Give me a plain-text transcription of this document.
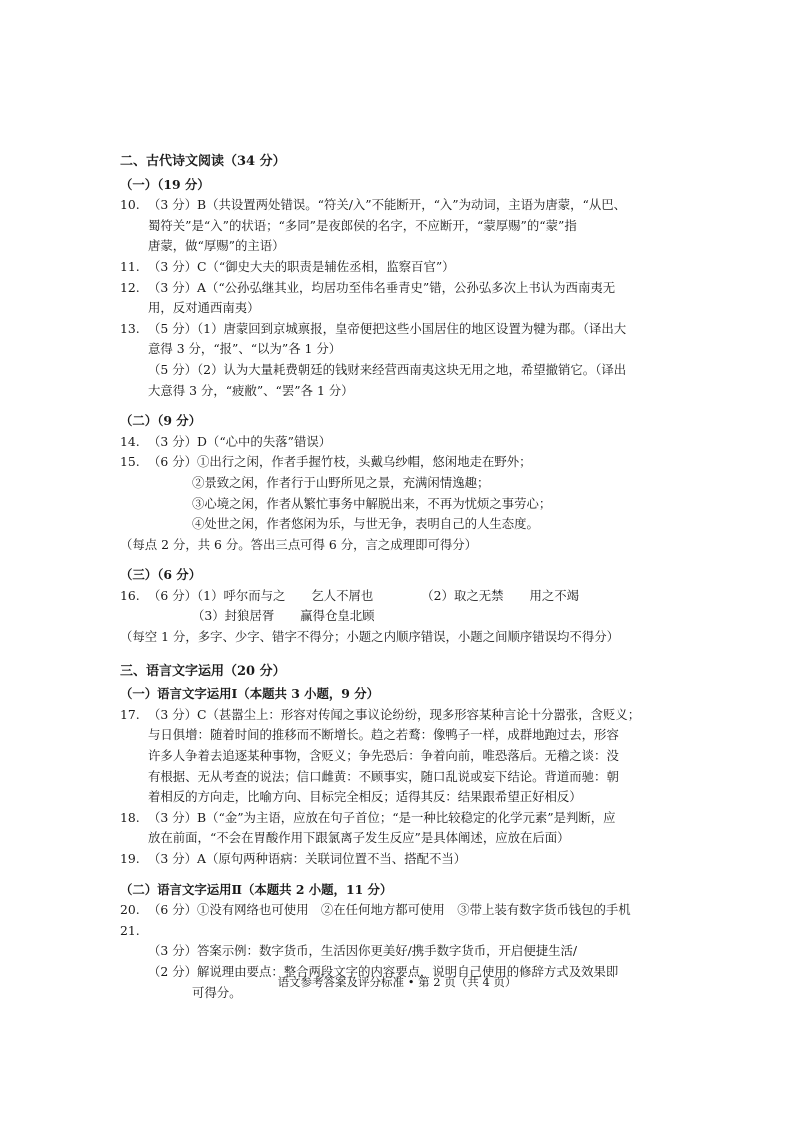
二、古代诗文阅读（34 分）
（一）（19 分）
10. （3 分）B（共设置两处错误。“符关/入”不能断开，“入”为动词，主语为唐蒙，“从巴、
蜀符关”是“入”的状语；“多同”是夜郎侯的名字，不应断开，“蒙厚赐”的“蒙”指
唐蒙，做“厚赐”的主语）
11. （3 分）C（“御史大夫的职责是辅佐丞相，监察百官”）
12. （3 分）A（“公孙弘继其业，均居功至伟名垂青史”错，公孙弘多次上书认为西南夷无
用，反对通西南夷）
13. （5 分）（1）唐蒙回到京城禀报，皇帝便把这些小国居住的地区设置为犍为郡。（译出大
意得 3 分，“报”、“以为”各 1 分）
（5 分）（2）认为大量耗费朝廷的钱财来经营西南夷这块无用之地，希望撤销它。（译出
大意得 3 分，“疲敝”、“罢”各 1 分）
（二）（9 分）
14. （3 分）D（“心中的失落”错误）
15. （6 分）①出行之闲，作者手握竹枝，头戴乌纱帽，悠闲地走在野外；
②景致之闲，作者行于山野所见之景，充满闲情逸趣；
③心境之闲，作者从繁忙事务中解脱出来，不再为忧烦之事劳心；
④处世之闲，作者悠闲为乐，与世无争，表明自己的人生态度。
（每点 2 分，共 6 分。答出三点可得 6 分，言之成理即可得分）
（三）（6 分）
16. （6 分）（1）呼尔而与之 乞人不屑也	（2）取之无禁 用之不竭
（3）封狼居胥 赢得仓皇北顾
（每空 1 分，多字、少字、错字不得分；小题之内顺序错误，小题之间顺序错误均不得分）
三、语言文字运用（20 分）
（一）语言文字运用Ⅰ（本题共 3 小题，9 分）
17. （3 分）C（甚嚣尘上：形容对传闻之事议论纷纷，现多形容某种言论十分嚣张，含贬义；
与日俱增：随着时间的推移而不断增长。趋之若鹜：像鸭子一样，成群地跑过去，形容
许多人争着去追逐某种事物，含贬义；争先恐后：争着向前，唯恐落后。无稽之谈：没
有根据、无从考查的说法；信口雌黄：不顾事实，随口乱说或妄下结论。背道而驰：朝
着相反的方向走，比喻方向、目标完全相反；适得其反：结果跟希望正好相反）
18. （3 分）B（“金”为主语，应放在句子首位；“是一种比较稳定的化学元素”是判断，应
放在前面，“不会在胃酸作用下跟氯离子发生反应”是具体阐述，应放在后面）
19. （3 分）A（原句两种语病：关联词位置不当、搭配不当）
（二）语言文字运用Ⅱ（本题共 2 小题，11 分）
20. （6 分）①没有网络也可使用　②在任何地方都可使用　③带上装有数字货币钱包的手机
21.
（3 分）答案示例：数字货币，生活因你更美好/携手数字货币，开启便捷生活/
（2 分）解说理由要点：整合两段文字的内容要点，说明自己使用的修辞方式及效果即
可得分。
语文参考答案及评分标准 • 第 2 页（共 4 页）
